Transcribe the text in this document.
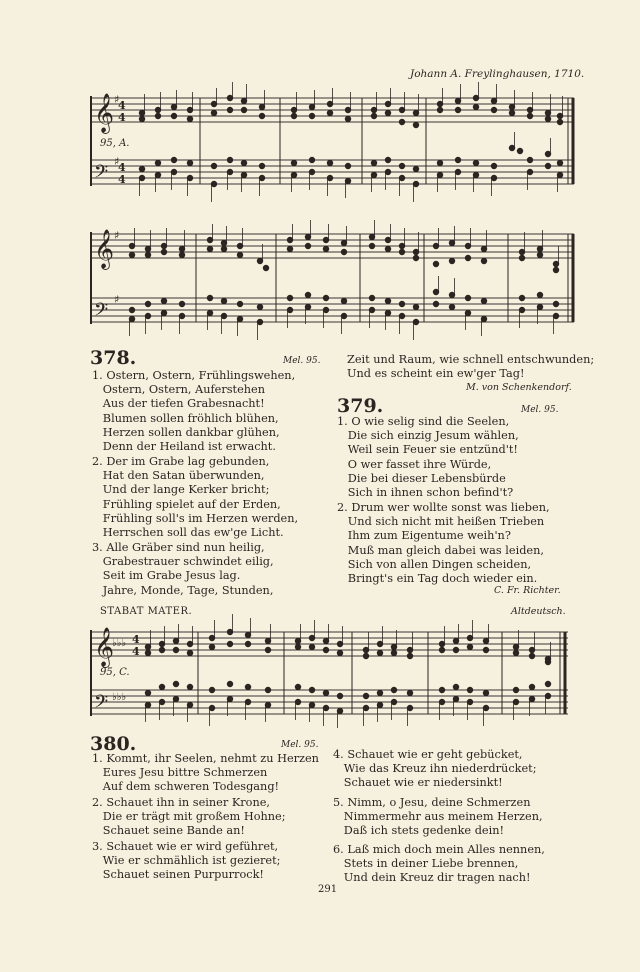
Johann A. Freylinghausen, 1710.
𝄞
𝄢
4
4
4
4
♯
♯
95, A.
𝄞
𝄢
♯
♯
378.	Mel. 95.
1. Ostern, Ostern, Frühlingswehen,
Ostern, Ostern, Auferstehen
Aus der tiefen Grabesnacht!
Blumen sollen fröhlich blühen,
Herzen sollen dankbar glühen,
Denn der Heiland ist erwacht.
2. Der im Grabe lag gebunden,
Hat den Satan überwunden,
Und der lange Kerker bricht;
Frühling spielet auf der Erden,
Frühling soll's im Herzen werden,
Herrschen soll das ew'ge Licht.
3. Alle Gräber sind nun heilig,
Grabestrauer schwindet eilig,
Seit im Grabe Jesus lag.
Jahre, Monde, Tage, Stunden,
Zeit und Raum, wie schnell entschwunden;
Und es scheint ein ew'ger Tag!
M. von Schenkendorf.
379.	Mel. 95.
1. O wie selig sind die Seelen,
Die sich einzig Jesum wählen,
Weil sein Feuer sie entzünd't!
O wer fasset ihre Würde,
Die bei dieser Lebensbürde
Sich in ihnen schon befind't?
2. Drum wer wollte sonst was lieben,
Und sich nicht mit heißen Trieben
Ihm zum Eigentume weih'n?
Muß man gleich dabei was leiden,
Sich von allen Dingen scheiden,
Bringt's ein Tag doch wieder ein.
C. Fr. Richter.
STABAT MATER.	Altdeutsch.
𝄞
𝄢
♭♭♭
♭♭♭
4
4
95, C.
380.	Mel. 95.
1. Kommt, ihr Seelen, nehmt zu Herzen
Eures Jesu bittre Schmerzen
Auf dem schweren Todesgang!
2. Schauet ihn in seiner Krone,
Die er trägt mit großem Hohne;
Schauet seine Bande an!
3. Schauet wie er wird geführet,
Wie er schmählich ist gezieret;
Schauet seinen Purpurrock!
4. Schauet wie er geht gebücket,
Wie das Kreuz ihn niederdrücket;
Schauet wie er niedersinkt!
5. Nimm, o Jesu, deine Schmerzen
Nimmermehr aus meinem Herzen,
Daß ich stets gedenke dein!
6. Laß mich doch mein Alles nennen,
Stets in deiner Liebe brennen,
Und dein Kreuz dir tragen nach!
291
